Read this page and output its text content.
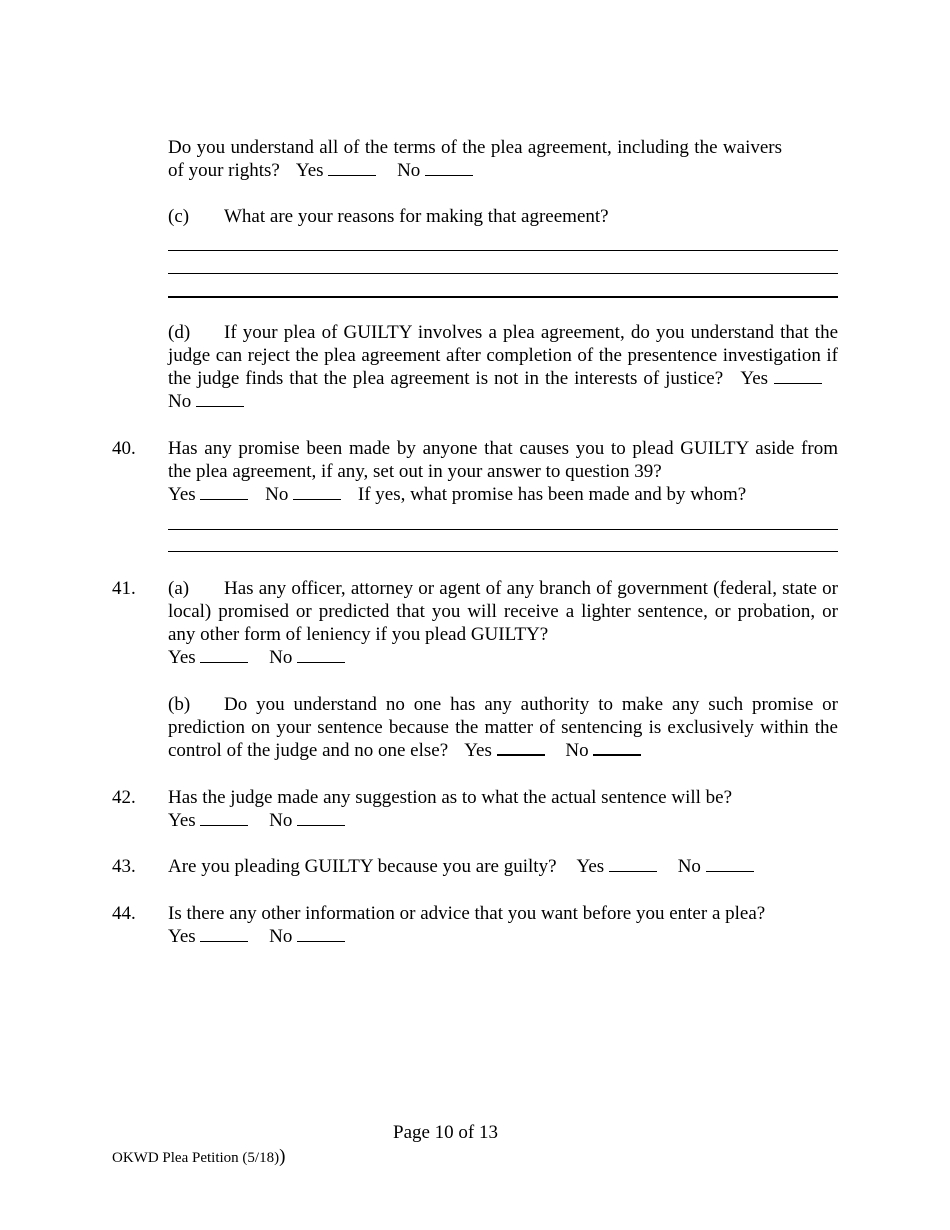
Do you understand all of the terms of the plea agreement, including the waivers of your rights? Yes	No
(c) What are your reasons for making that agreement?
(d) If your plea of GUILTY involves a plea agreement, do you understand that the judge can reject the plea agreement after completion of the presentence investigation if the judge finds that the plea agreement is not in the interests of justice? Yes  No
40. Has any promise been made by anyone that causes you to plead GUILTY aside from the plea agreement, if any, set out in your answer to question 39?
Yes	No	If yes, what promise has been made and by whom?
41. (a) Has any officer, attorney or agent of any branch of government (federal, state or local) promised or predicted that you will receive a lighter sentence, or probation, or any other form of leniency if you plead GUILTY?
Yes	No
(b) Do you understand no one has any authority to make any such promise or prediction on your sentence because the matter of sentencing is exclusively within the control of the judge and no one else? Yes	No
42. Has the judge made any suggestion as to what the actual sentence will be?
Yes	No
43. Are you pleading GUILTY because you are guilty? Yes	No
44. Is there any other information or advice that you want before you enter a plea?
Yes	No
Page 10 of 13
OKWD Plea Petition (5/18))
